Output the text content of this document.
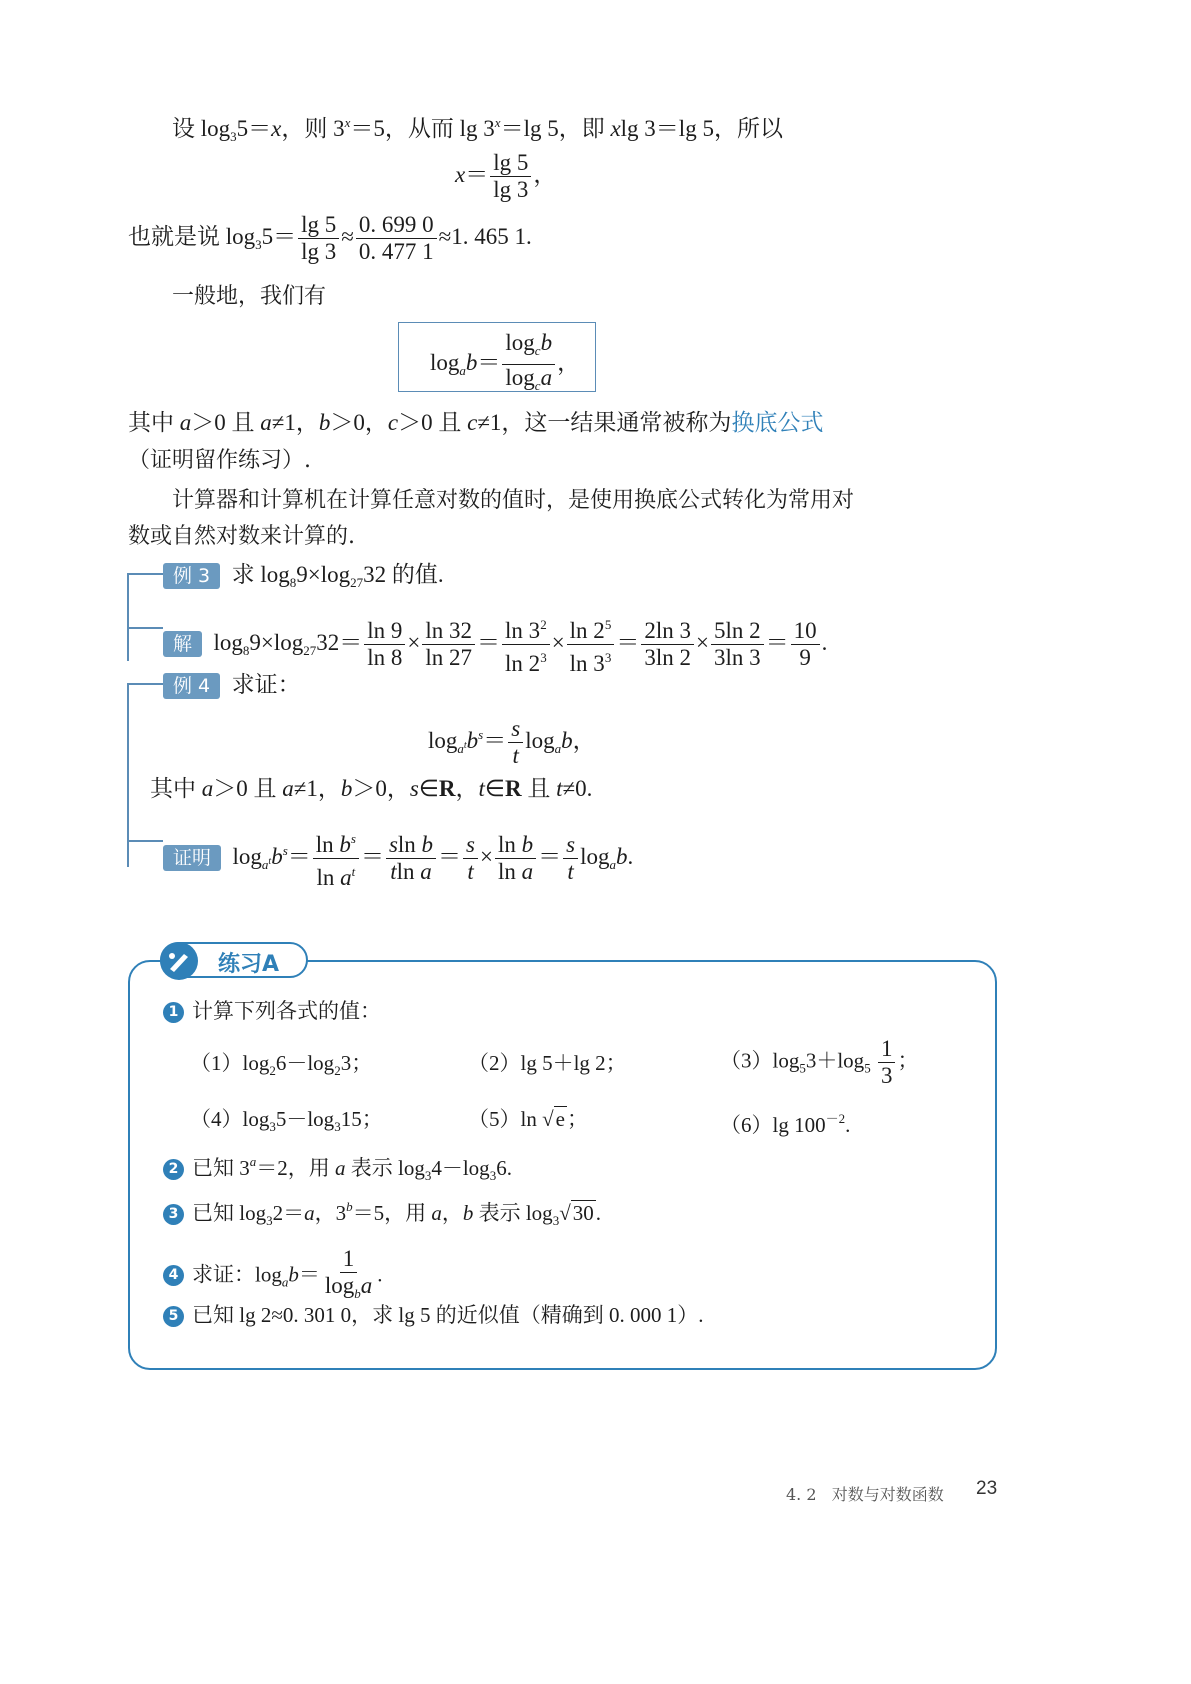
设 $\log_35=x$，则 $3^x=5$，从而 $\lg 3^x=\lg$ 5，即 xlg 3＝lg 5，所以
$x= \frac{\lg 5}{\lg 3}$ ，
也就是说 $\log_35= \frac{\lg 5}{\lg 3} \approx \frac{0. 699 0}{0. 477 1} \approx 1$. 465 1.
一般地，我们有
$\log_ab= \frac{\log_cb}{\log_ca}$ ，
其中 a＞0 且 a≠1，b＞0，c＞0 且 c≠1，这一结果通常被称为换底公式
（证明留作练习）.
计算器和计算机在计算任意对数的值时，是使用换底公式转化为常用对
数或自然对数来计算的.
例 3 求 $\log_89\times\log_{27}32$ 的值.
解 $\log_89\times\log_{27}32= \frac{\ln 9}{\ln 8} \times \frac{\ln 32}{\ln 27} = \frac{\ln 3^2}{\ln 2^3} \times \frac{\ln 2^5}{\ln 3^3} = \frac{2\ln 3}{3\ln 2} \times \frac{5\ln 2}{3\ln 3} = \frac{10}{9}$ .
例 4 求证：
$\log_{a^t}b^s= \frac{s}{t} \log_ab$，
其中 a＞0 且 a≠1，b＞0，s∈R，t∈R 且 t≠0.
证明 $\log_{a^t}b^s= \frac{\ln b^s}{\ln a^t} = \frac{\text{sln b}}{\text{tln a}} = \frac{s}{t} \times \frac{\text{ln b}}{\text{ln a}} = \frac{s}{t} \log_ab$.
练习A
1 计算下列各式的值：
$(1)\log_26-\log_23$；	（2）lg 5＋lg 2；	$(3)\log_53+\log_5 \frac{1}{3}$ ；
$(4)\log_35-\log_315$；	（5）ln √e；	（6）lg $100^{-2}$.
2 已知 $3^a=2$，用 a 表示 $\log_34-\log_36$.
3 已知 $\log_32=a$，$3^b=5$，用 a，b 表示 $\log_3√30$.
4 求证：$\log_ab= \frac{1}{\log_ba}$ .
5 已知 lg 2≈0. 301 0，求 lg 5 的近似值（精确到 0. 000 1）.
4. 2 对数与对数函数 23
